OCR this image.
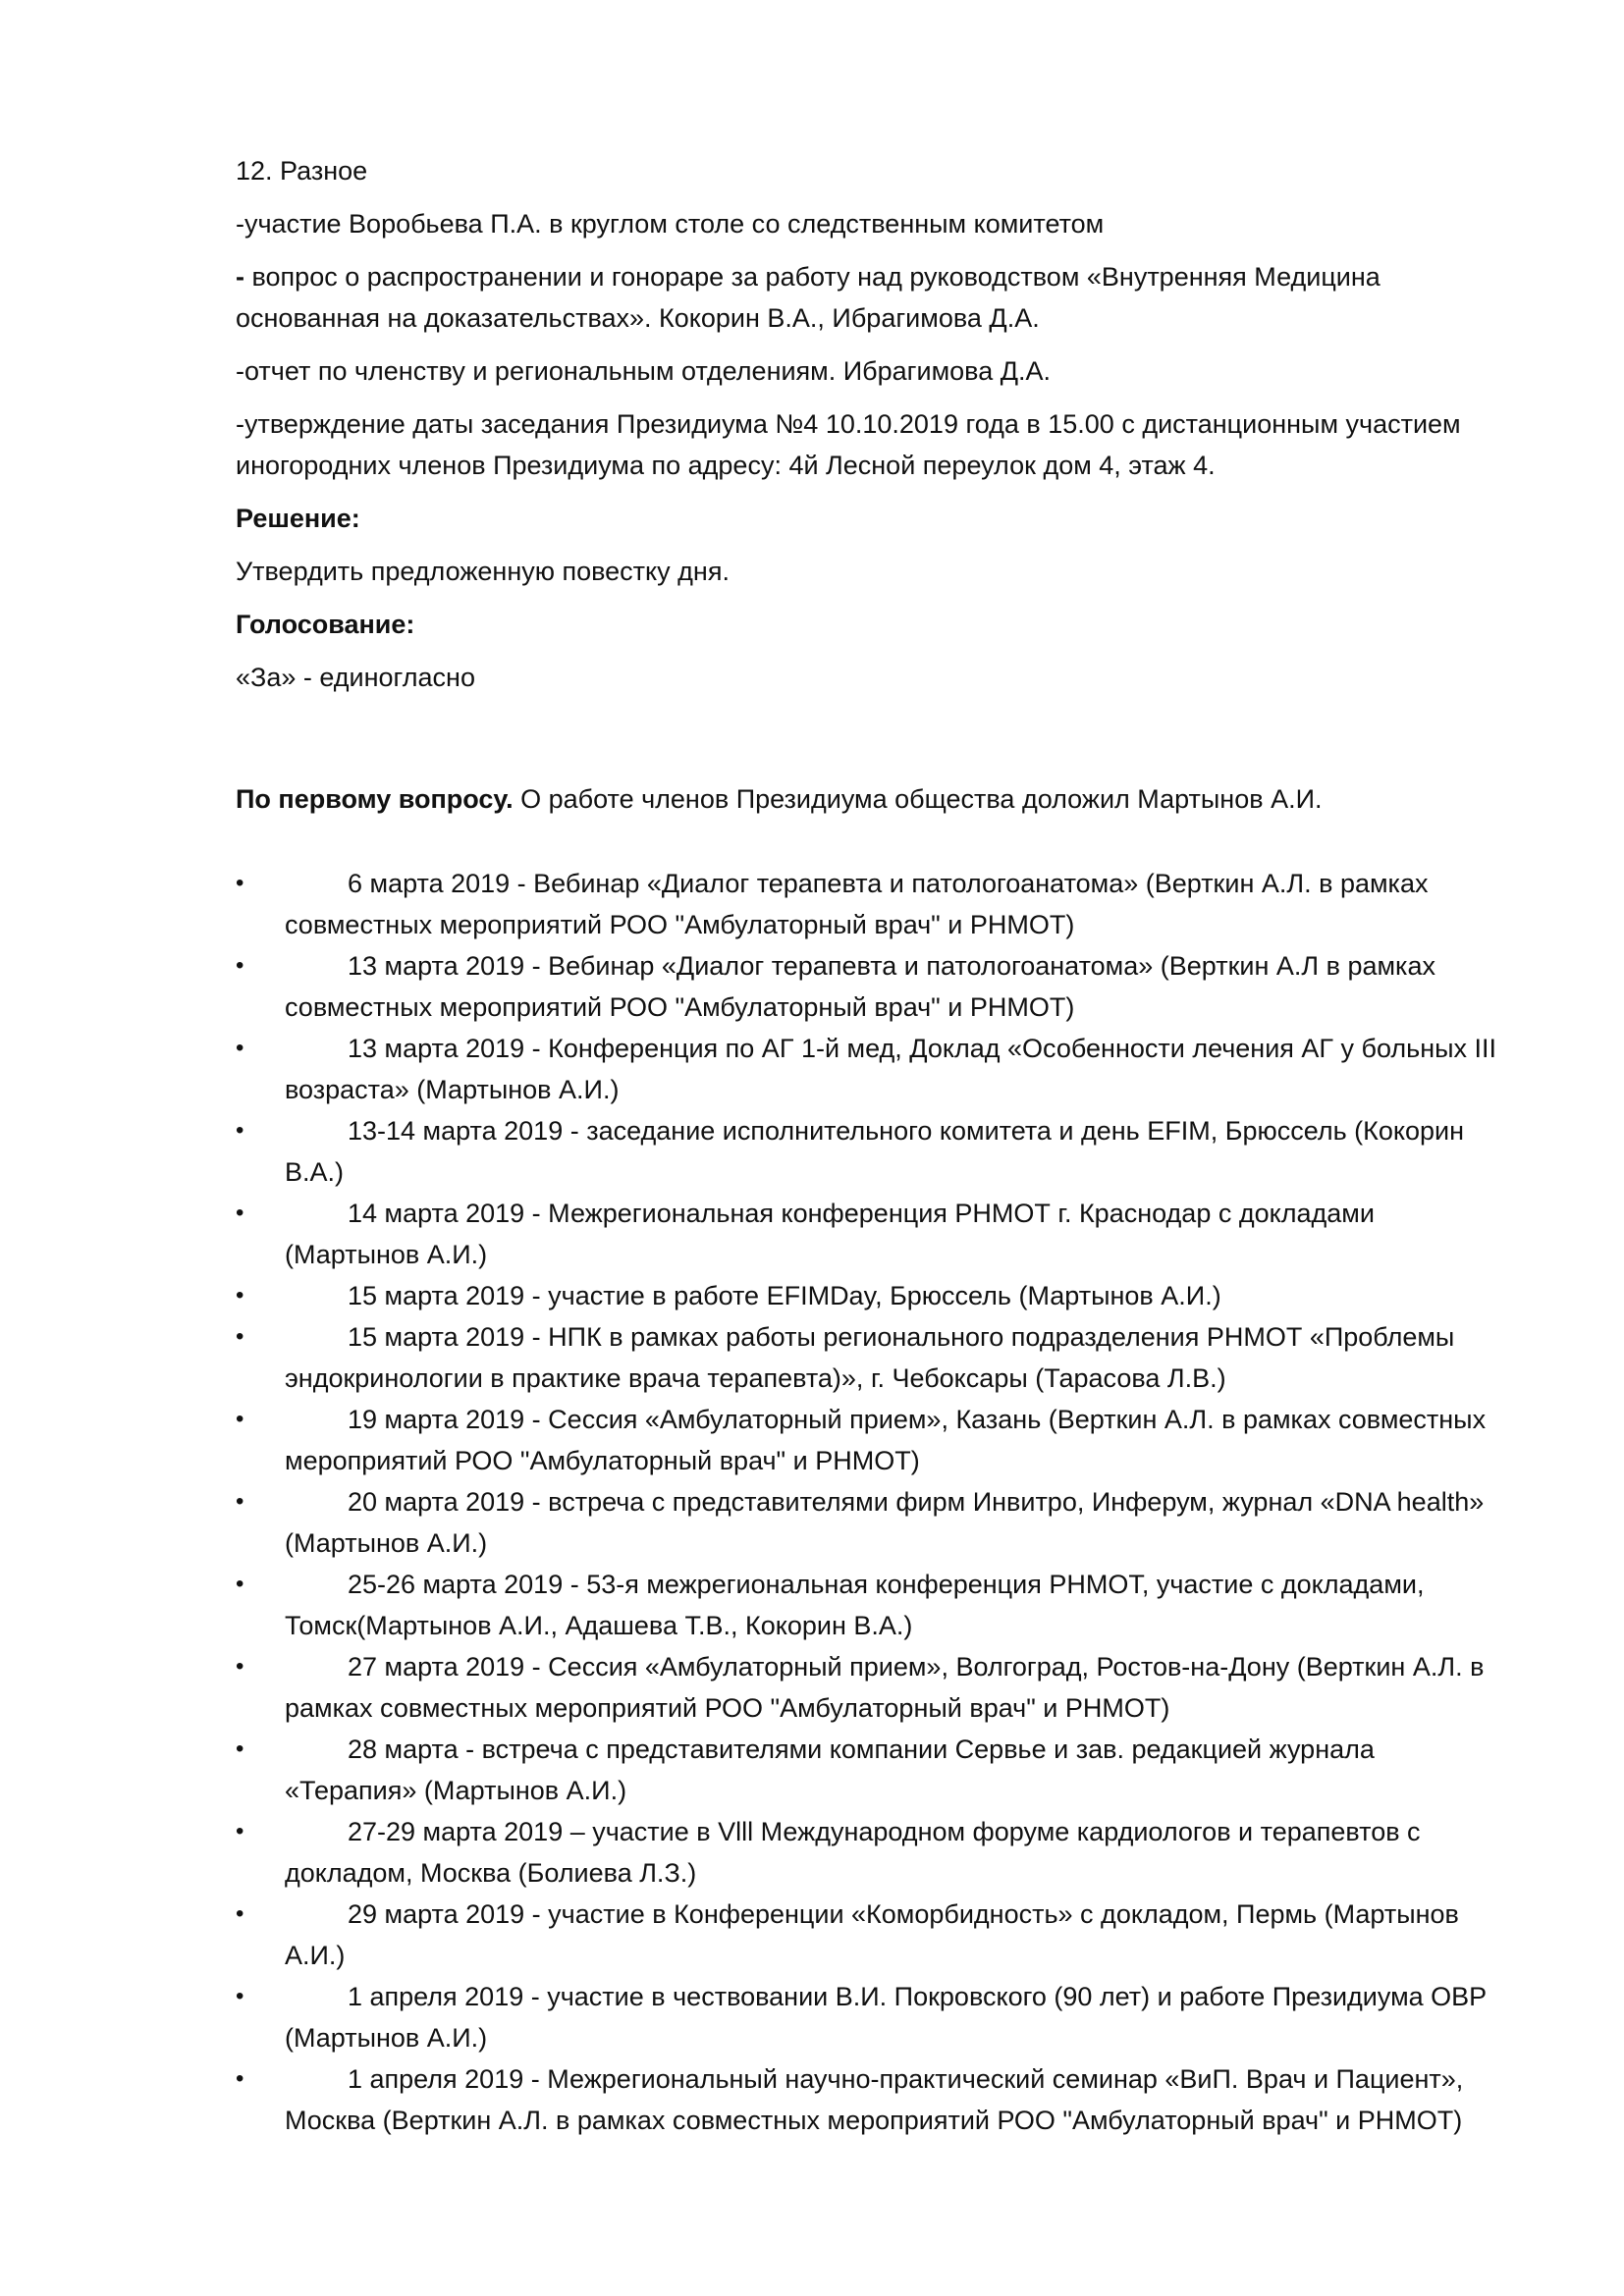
12. Разное

-участие Воробьева П.А. в круглом столе со следственным комитетом

- вопрос о распространении и гонораре за работу над руководством «Внутренняя Медицина основанная на доказательствах». Кокорин В.А., Ибрагимова Д.А.

-отчет по членству и региональным отделениям. Ибрагимова Д.А.

-утверждение даты заседания Президиума №4 10.10.2019 года в 15.00 с дистанционным участием иногородних членов Президиума по адресу: 4й Лесной переулок дом 4, этаж 4.

Решение:

Утвердить предложенную повестку дня.

Голосование:

«За» - единогласно

По первому вопросу. О работе членов Президиума общества доложил Мартынов А.И.

•	6 марта 2019 - Вебинар «Диалог терапевта и патологоанатома» (Верткин А.Л. в рамках совместных мероприятий РОО "Амбулаторный врач" и РНМОТ)
•	13 марта 2019 - Вебинар «Диалог терапевта и патологоанатома» (Верткин А.Л в рамках совместных мероприятий РОО "Амбулаторный врач" и РНМОТ)
•	13 марта 2019 - Конференция по АГ 1-й мед, Доклад «Особенности лечения АГ у больных III возраста» (Мартынов А.И.)
•	13-14 марта 2019 - заседание исполнительного комитета и день EFIM, Брюссель (Кокорин В.А.)
•	14 марта 2019 - Межрегиональная конференция РНМОТ г. Краснодар с докладами (Мартынов А.И.)
•	15 марта 2019 - участие в работе EFIMDay, Брюссель (Мартынов А.И.)
•	15 марта 2019 - НПК в рамках работы регионального подразделения РНМОТ «Проблемы эндокринологии в практике врача терапевта)», г. Чебоксары (Тарасова Л.В.)
•	19 марта 2019 - Сессия «Амбулаторный прием», Казань (Верткин А.Л. в рамках совместных мероприятий РОО "Амбулаторный врач" и РНМОТ)
•	20 марта 2019 - встреча с представителями фирм Инвитро, Инферум, журнал «DNA health» (Мартынов А.И.)
•	25-26 марта 2019 - 53-я межрегиональная конференция РНМОТ, участие с докладами, Томск(Мартынов А.И., Адашева Т.В., Кокорин В.А.)
•	27 марта 2019 - Сессия «Амбулаторный прием», Волгоград, Ростов-на-Дону (Верткин А.Л. в рамках совместных мероприятий РОО "Амбулаторный врач" и РНМОТ)
•	28 марта - встреча с представителями компании Сервье и зав. редакцией журнала «Терапия» (Мартынов А.И.)
•	27-29 марта 2019 – участие в Vlll Международном форуме кардиологов и терапевтов с докладом, Москва (Болиева Л.З.)
•	29 марта 2019 - участие в Конференции «Коморбидность» с докладом, Пермь (Мартынов А.И.)
•	1 апреля 2019 - участие в чествовании В.И. Покровского (90 лет) и работе Президиума ОВР (Мартынов А.И.)
•	1 апреля 2019 - Межрегиональный научно-практический семинар «ВиП. Врач и Пациент», Москва (Верткин А.Л. в рамках совместных мероприятий РОО "Амбулаторный врач" и РНМОТ)
